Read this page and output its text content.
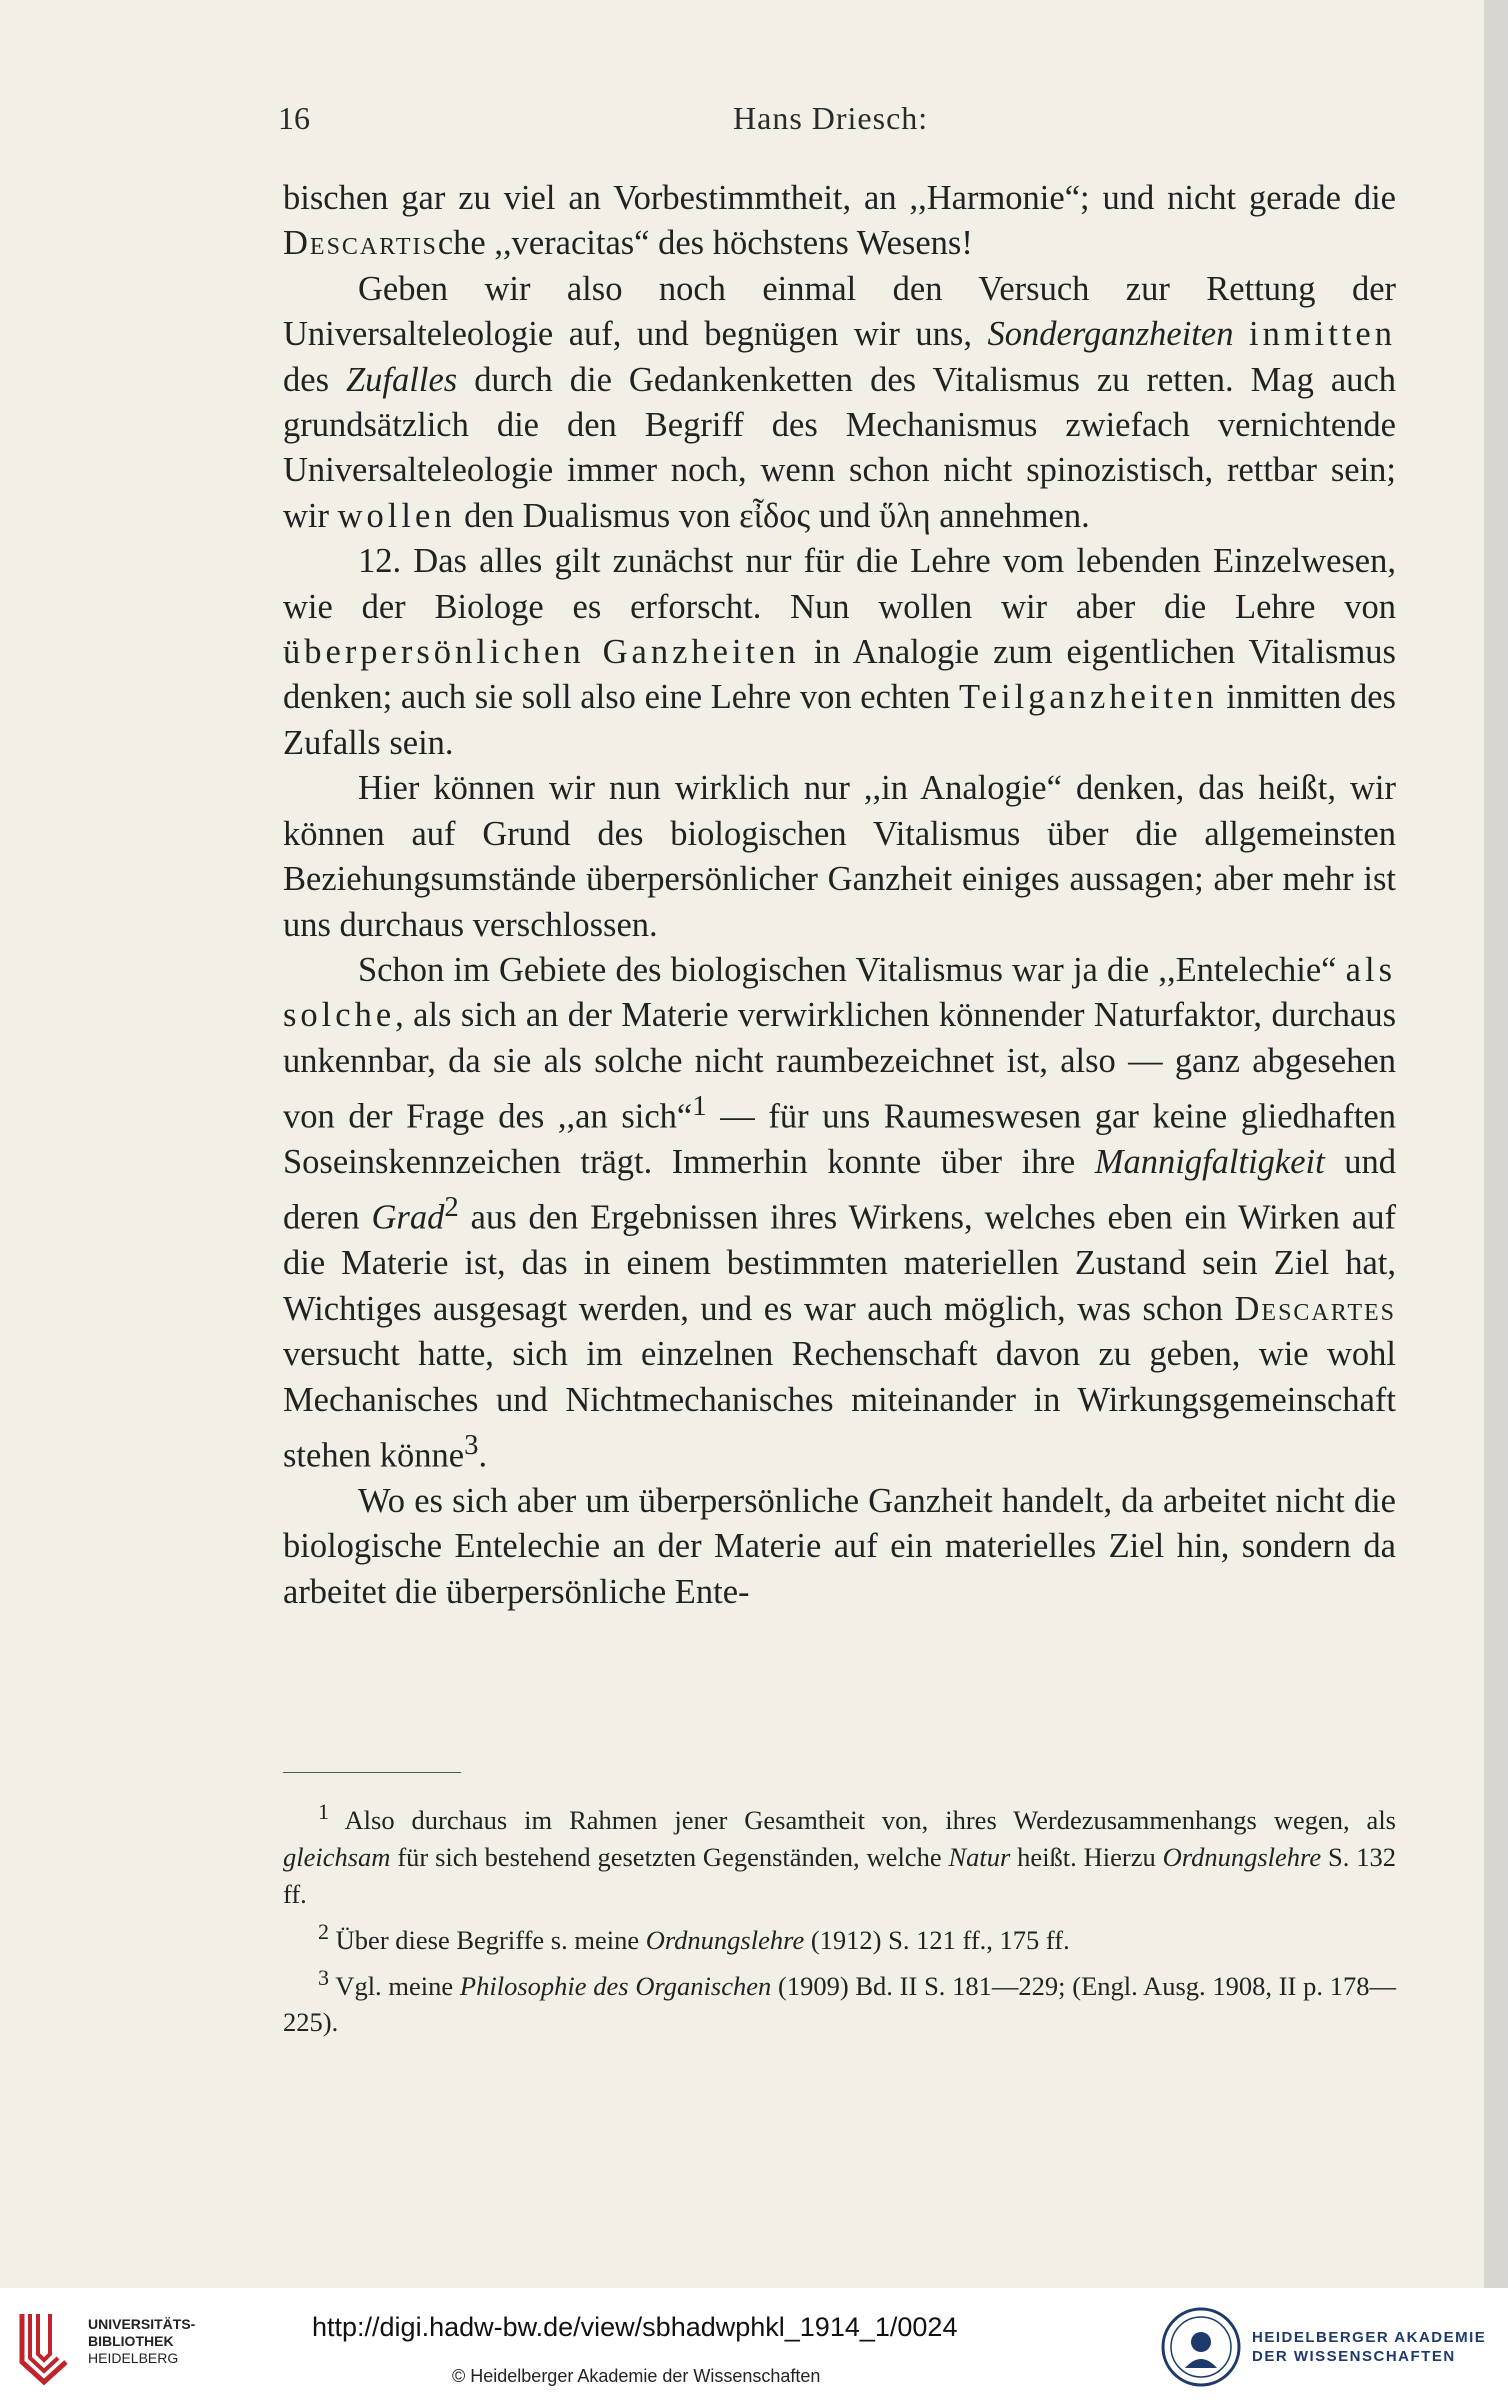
16	Hans Driesch:

bischen gar zu viel an Vorbestimmtheit, an ,,Harmonie“; und nicht gerade die Descartische ,,veracitas“ des höchstens Wesens!

Geben wir also noch einmal den Versuch zur Rettung der Universalteleologie auf, und begnügen wir uns, Sonderganzheiten inmitten des Zufalles durch die Gedankenketten des Vitalismus zu retten. Mag auch grundsätzlich die den Begriff des Mechanismus zwiefach vernichtende Universalteleologie immer noch, wenn schon nicht spinozistisch, rettbar sein; wir wollen den Dualismus von εἶδος und ὕλη annehmen.

12. Das alles gilt zunächst nur für die Lehre vom lebenden Einzelwesen, wie der Biologe es erforscht. Nun wollen wir aber die Lehre von überpersönlichen Ganzheiten in Analogie zum eigentlichen Vitalismus denken; auch sie soll also eine Lehre von echten Teilganzheiten inmitten des Zufalls sein.

Hier können wir nun wirklich nur ,,in Analogie“ denken, das heißt, wir können auf Grund des biologischen Vitalismus über die allgemeinsten Beziehungsumstände überpersönlicher Ganzheit einiges aussagen; aber mehr ist uns durchaus verschlossen.

Schon im Gebiete des biologischen Vitalismus war ja die ,,Entelechie“ als solche, als sich an der Materie verwirklichen könnender Naturfaktor, durchaus unkennbar, da sie als solche nicht raumbezeichnet ist, also — ganz abgesehen von der Frage des ,,an sich“$^1$ — für uns Raumeswesen gar keine gliedhaften Soseinskennzeichen trägt. Immerhin konnte über ihre Mannigfaltigkeit und deren Grad$^2$ aus den Ergebnissen ihres Wirkens, welches eben ein Wirken auf die Materie ist, das in einem bestimmten materiellen Zustand sein Ziel hat, Wichtiges ausgesagt werden, und es war auch möglich, was schon Descartes versucht hatte, sich im einzelnen Rechenschaft davon zu geben, wie wohl Mechanisches und Nichtmechanisches miteinander in Wirkungsgemeinschaft stehen könne$^3$.

Wo es sich aber um überpersönliche Ganzheit handelt, da arbeitet nicht die biologische Entelechie an der Materie auf ein materielles Ziel hin, sondern da arbeitet die überpersönliche Ente-

$^1$ Also durchaus im Rahmen jener Gesamtheit von, ihres Werdezusammenhangs wegen, als gleichsam für sich bestehend gesetzten Gegenständen, welche Natur heißt. Hierzu Ordnungslehre S. 132 ff.

$^2$ Über diese Begriffe s. meine Ordnungslehre (1912) S. 121 ff., 175 ff.

$^3$ Vgl. meine Philosophie des Organischen (1909) Bd. II S. 181—229; (Engl. Ausg. 1908, II p. 178—225).

UNIVERSITÄTS-
BIBLIOTHEK
HEIDELBERG
http://digi.hadw-bw.de/view/sbhadwphkl_1914_1/0024
© Heidelberger Akademie der Wissenschaften
HEIDELBERGER AKADEMIE
DER WISSENSCHAFTEN
